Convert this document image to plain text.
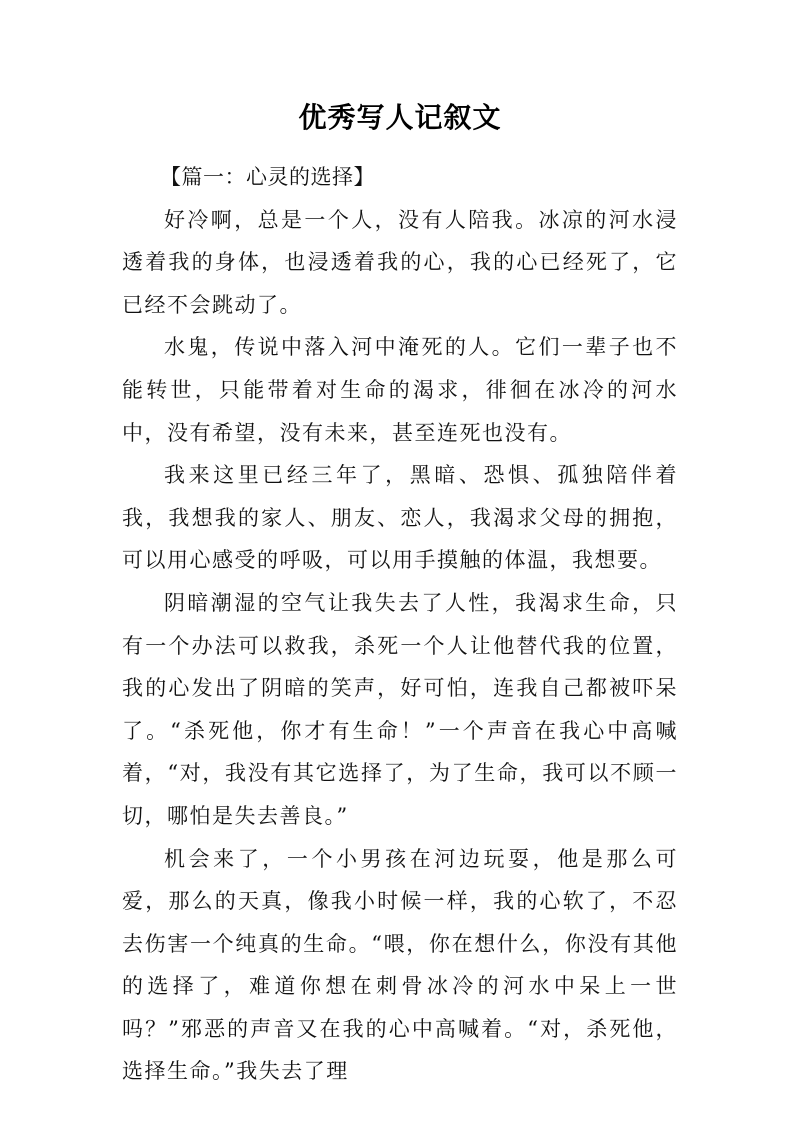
优秀写人记叙文

【篇一：心灵的选择】

好冷啊，总是一个人，没有人陪我。冰凉的河水浸透着我的身体，也浸透着我的心，我的心已经死了，它已经不会跳动了。

水鬼，传说中落入河中淹死的人。它们一辈子也不能转世，只能带着对生命的渴求，徘徊在冰冷的河水中，没有希望，没有未来，甚至连死也没有。

我来这里已经三年了，黑暗、恐惧、孤独陪伴着我，我想我的家人、朋友、恋人，我渴求父母的拥抱，可以用心感受的呼吸，可以用手摸触的体温，我想要。

阴暗潮湿的空气让我失去了人性，我渴求生命，只有一个办法可以救我，杀死一个人让他替代我的位置，我的心发出了阴暗的笑声，好可怕，连我自己都被吓呆了。“杀死他，你才有生命！”一个声音在我心中高喊着，“对，我没有其它选择了，为了生命，我可以不顾一切，哪怕是失去善良。”

机会来了，一个小男孩在河边玩耍，他是那么可爱，那么的天真，像我小时候一样，我的心软了，不忍去伤害一个纯真的生命。“喂，你在想什么，你没有其他的选择了，难道你想在刺骨冰冷的河水中呆上一世吗？”邪恶的声音又在我的心中高喊着。“对，杀死他，选择生命。”我失去了理
